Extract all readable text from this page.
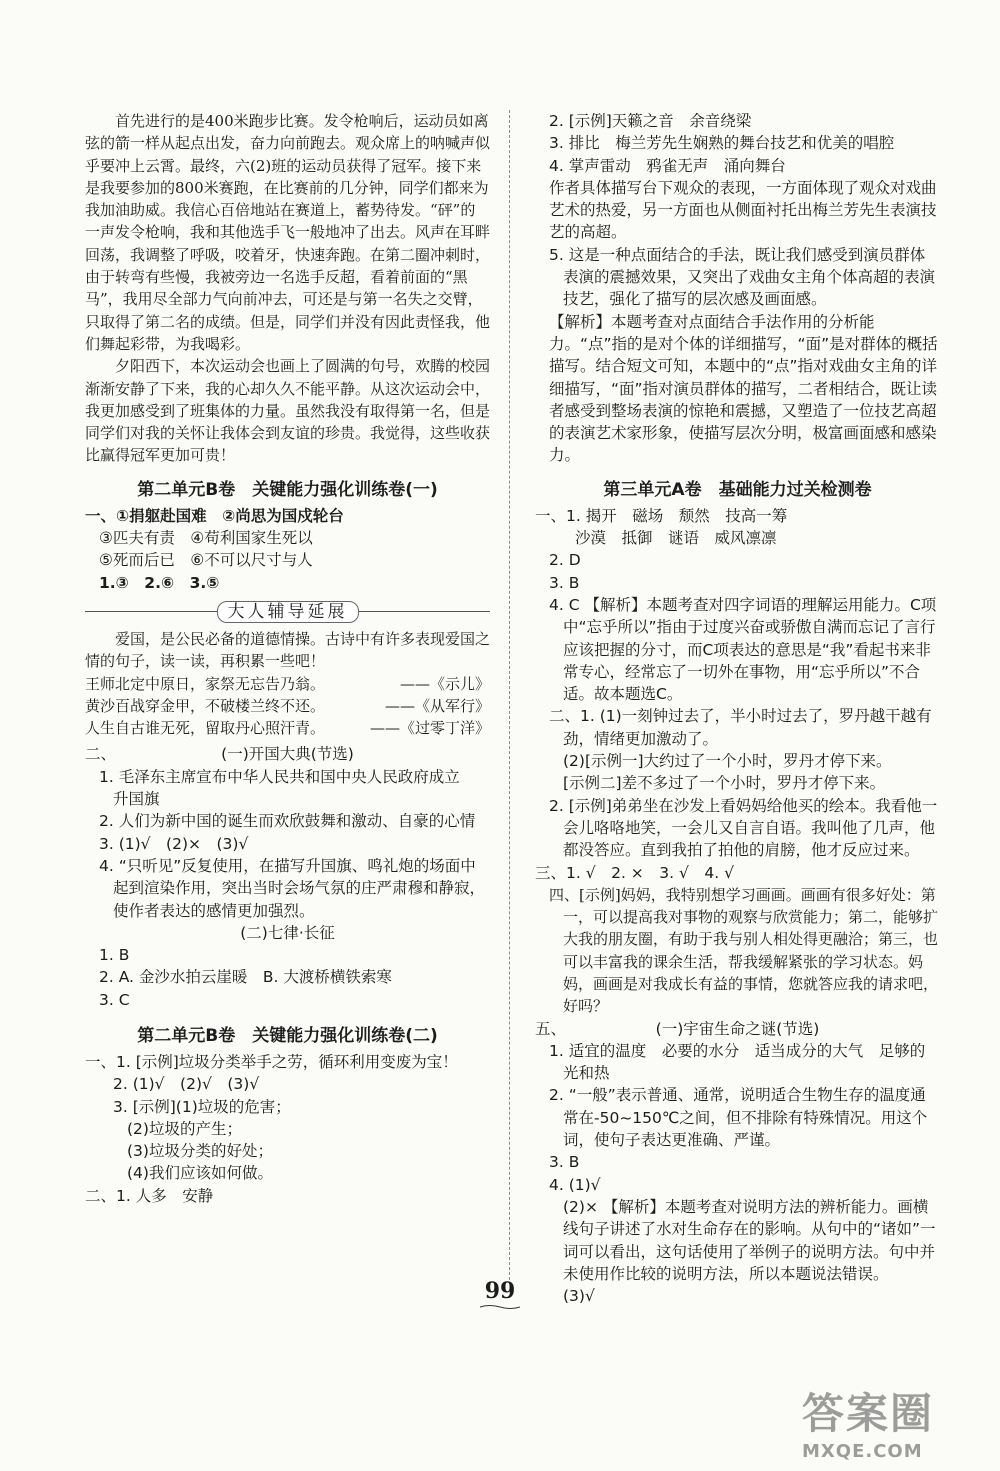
首先进行的是400米跑步比赛。发令枪响后，运动员如离弦的箭一样从起点出发，奋力向前跑去。观众席上的呐喊声似乎要冲上云霄。最终，六(2)班的运动员获得了冠军。接下来是我要参加的800米赛跑，在比赛前的几分钟，同学们都来为我加油助威。我信心百倍地站在赛道上，蓄势待发。“砰”的一声发令枪响，我和其他选手飞一般地冲了出去。风声在耳畔回荡，我调整了呼吸，咬着牙，快速奔跑。在第二圈冲刺时，由于转弯有些慢，我被旁边一名选手反超，看着前面的“黑马”，我用尽全部力气向前冲去，可还是与第一名失之交臂，只取得了第二名的成绩。但是，同学们并没有因此责怪我，他们舞起彩带，为我喝彩。

夕阳西下，本次运动会也画上了圆满的句号，欢腾的校园渐渐安静了下来，我的心却久久不能平静。从这次运动会中，我更加感受到了班集体的力量。虽然我没有取得第一名，但是同学们对我的关怀让我体会到友谊的珍贵。我觉得，这些收获比赢得冠军更加可贵！

第二单元B卷　关键能力强化训练卷(一)

一、①捐躯赴国难　②尚思为国戍轮台

③匹夫有责　④苟利国家生死以

⑤死而后已　⑥不可以尺寸与人

1.③　2.⑥　3.⑤

大人辅导延展

爱国，是公民必备的道德情操。古诗中有许多表现爱国之情的句子，读一读，再积累一些吧！

王师北定中原日，家祭无忘告乃翁。	——《示儿》
黄沙百战穿金甲，不破楼兰终不还。	——《从军行》
人生自古谁无死，留取丹心照汗青。	——《过零丁洋》
二、	(一)开国大典(节选)

1. 毛泽东主席宣布中华人民共和国中央人民政府成立　升国旗

2. 人们为新中国的诞生而欢欣鼓舞和激动、自豪的心情

3. (1)√　(2)×　(3)√

4. “只听见”反复使用，在描写升国旗、鸣礼炮的场面中起到渲染作用，突出当时会场气氛的庄严肃穆和静寂，使作者表达的感情更加强烈。

(二)七律·长征

1. B

2. A. 金沙水拍云崖暖　B. 大渡桥横铁索寒

3. C

第二单元B卷　关键能力强化训练卷(二)

一、1. [示例]垃圾分类举手之劳，循环利用变废为宝！

2. (1)√　(2)√　(3)√

3. [示例](1)垃圾的危害；

(2)垃圾的产生；

(3)垃圾分类的好处；

(4)我们应该如何做。

二、1. 人多　安静

2. [示例]天籁之音　余音绕梁

3. 排比　梅兰芳先生娴熟的舞台技艺和优美的唱腔

4. 掌声雷动　鸦雀无声　涌向舞台

作者具体描写台下观众的表现，一方面体现了观众对戏曲艺术的热爱，另一方面也从侧面衬托出梅兰芳先生表演技艺的高超。

5. 这是一种点面结合的手法，既让我们感受到演员群体表演的震撼效果，又突出了戏曲女主角个体高超的表演技艺，强化了描写的层次感及画面感。

【解析】本题考查对点面结合手法作用的分析能力。“点”指的是对个体的详细描写，“面”是对群体的概括描写。结合短文可知，本题中的“点”指对戏曲女主角的详细描写，“面”指对演员群体的描写，二者相结合，既让读者感受到整场表演的惊艳和震撼，又塑造了一位技艺高超的表演艺术家形象，使描写层次分明，极富画面感和感染力。

第三单元A卷　基础能力过关检测卷

一、1. 揭开　磁场　颓然　技高一筹

沙漠　抵御　谜语　威风凛凛

2. D

3. B

4. C 【解析】本题考查对四字词语的理解运用能力。C项中“忘乎所以”指由于过度兴奋或骄傲自满而忘记了言行应该把握的分寸，而C项表达的意思是“我”看起书来非常专心，经常忘了一切外在事物，用“忘乎所以”不合适。故本题选C。

二、1. (1)一刻钟过去了，半小时过去了，罗丹越干越有劲，情绪更加激动了。

(2)[示例一]大约过了一个小时，罗丹才停下来。

[示例二]差不多过了一个小时，罗丹才停下来。

2. [示例]弟弟坐在沙发上看妈妈给他买的绘本。我看他一会儿咯咯地笑，一会儿又自言自语。我叫他了几声，他都没答应。直到我拍了拍他的肩膀，他才反应过来。

三、1. √　2. ×　3. √　4. √

四、[示例]妈妈，我特别想学习画画。画画有很多好处：第一，可以提高我对事物的观察与欣赏能力；第二，能够扩大我的朋友圈，有助于我与别人相处得更融洽；第三，也可以丰富我的课余生活，帮我缓解紧张的学习状态。妈妈，画画是对我成长有益的事情，您就答应我的请求吧，好吗？

五、	(一)宇宙生命之谜(节选)

1. 适宜的温度　必要的水分　适当成分的大气　足够的光和热

2. “一般”表示普通、通常，说明适合生物生存的温度通常在-50~150℃之间，但不排除有特殊情况。用这个词，使句子表达更准确、严谨。

3. B

4. (1)√

(2)× 【解析】本题考查对说明方法的辨析能力。画横线句子讲述了水对生命存在的影响。从句中的“诸如”一词可以看出，这句话使用了举例子的说明方法。句中并未使用作比较的说明方法，所以本题说法错误。

(3)√

99
答案圈
MXQE.COM
